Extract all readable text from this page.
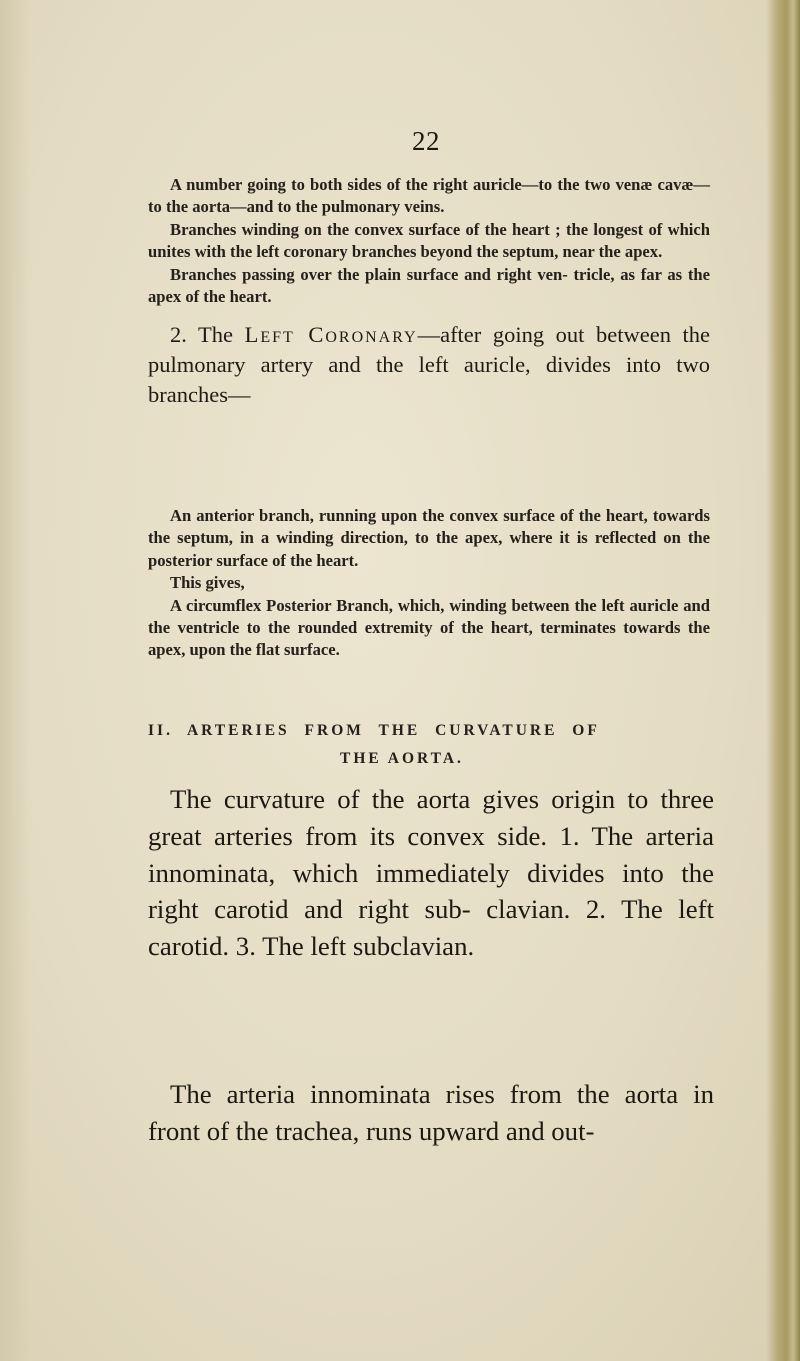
22

A number going to both sides of the right auricle—to the two venæ cavæ—to the aorta—and to the pulmonary veins.

Branches winding on the convex surface of the heart ; the longest of which unites with the left coronary branches beyond the septum, near the apex.

Branches passing over the plain surface and right ven- tricle, as far as the apex of the heart.

2. The Left Coronary—after going out between the pulmonary artery and the left auricle, divides into two branches—

An anterior branch, running upon the convex surface of the heart, towards the septum, in a winding direction, to the apex, where it is reflected on the posterior surface of the heart.

This gives,

A circumflex Posterior Branch, which, winding between the left auricle and the ventricle to the rounded extremity of the heart, terminates towards the apex, upon the flat surface.

II. ARTERIES FROM THE CURVATURE OF
THE AORTA.

The curvature of the aorta gives origin to three great arteries from its convex side. 1. The arteria innominata, which immediately divides into the right carotid and right sub- clavian. 2. The left carotid. 3. The left subclavian.

The arteria innominata rises from the aorta in front of the trachea, runs upward and out-
